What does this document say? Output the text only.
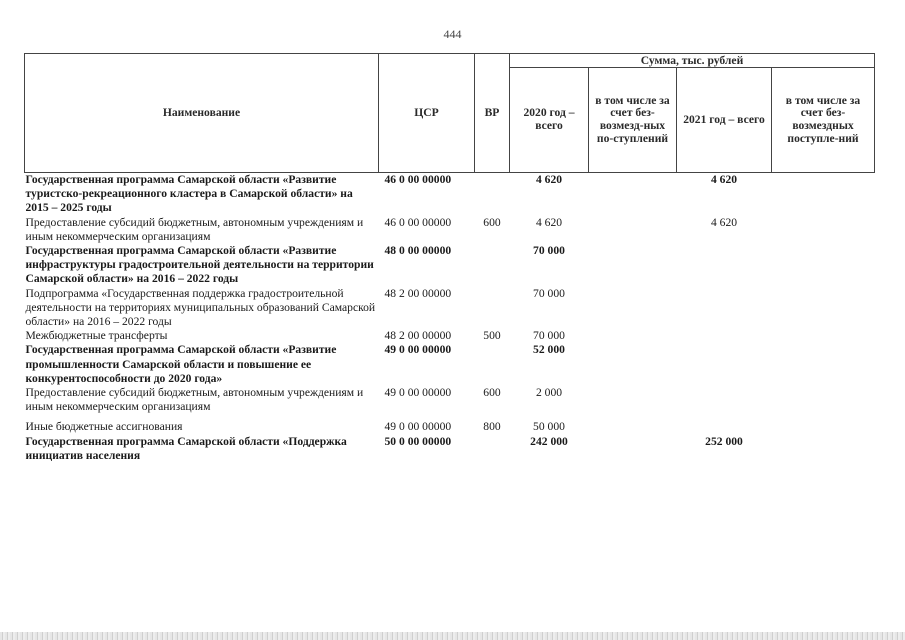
444
Наименование	ЦСР	ВР	Сумма, тыс. рублей			
			2020 год – всего	в том числе за счет без-возмезд-ных по-ступлений	2021 год – всего	в том числе за счет без-возмездных поступле-ний
Государственная программа Самарской области «Развитие туристско-рекреационного кластера в Самарской области» на 2015 – 2025 годы	46 0 00 00000		4 620		4 620	
Предоставление субсидий бюджетным, автономным учреждениям и иным некоммерческим организациям	46 0 00 00000	600	4 620		4 620	
Государственная программа Самарской области «Развитие инфраструктуры градостроительной деятельности на территории Самарской области» на 2016 – 2022 годы	48 0 00 00000		70 000			
Подпрограмма «Государственная поддержка градостроительной деятельности на территориях муниципальных образований Самарской области» на 2016 – 2022 годы	48 2 00 00000		70 000			
Межбюджетные трансферты	48 2 00 00000	500	70 000			
Государственная программа Самарской области «Развитие промышленности Самарской области и повышение ее конкурентоспособности до 2020 года»	49 0 00 00000		52 000			
Предоставление субсидий бюджетным, автономным учреждениям и иным некоммерческим организациям	49 0 00 00000	600	2 000			
Иные бюджетные ассигнования	49 0 00 00000	800	50 000			
Государственная программа Самарской области «Поддержка инициатив населения	50 0 00 00000		242 000		252 000	
